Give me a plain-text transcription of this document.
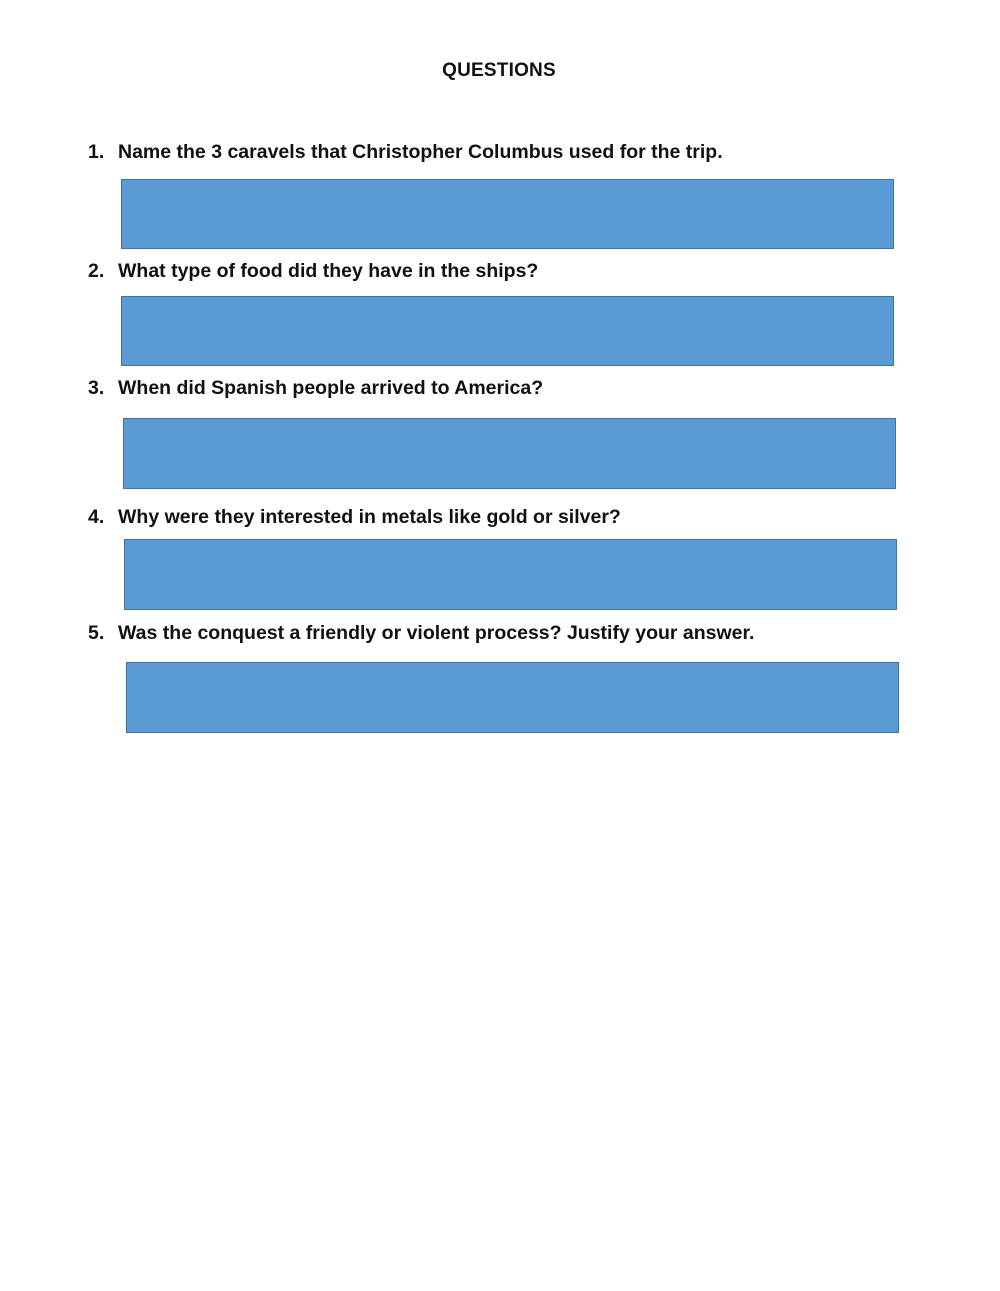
QUESTIONS
1. Name the 3 caravels that Christopher Columbus used for the trip.
2. What type of food did they have in the ships?
3. When did Spanish people arrived to America?
4. Why were they interested in metals like gold or silver?
5. Was the conquest a friendly or violent process? Justify your answer.
